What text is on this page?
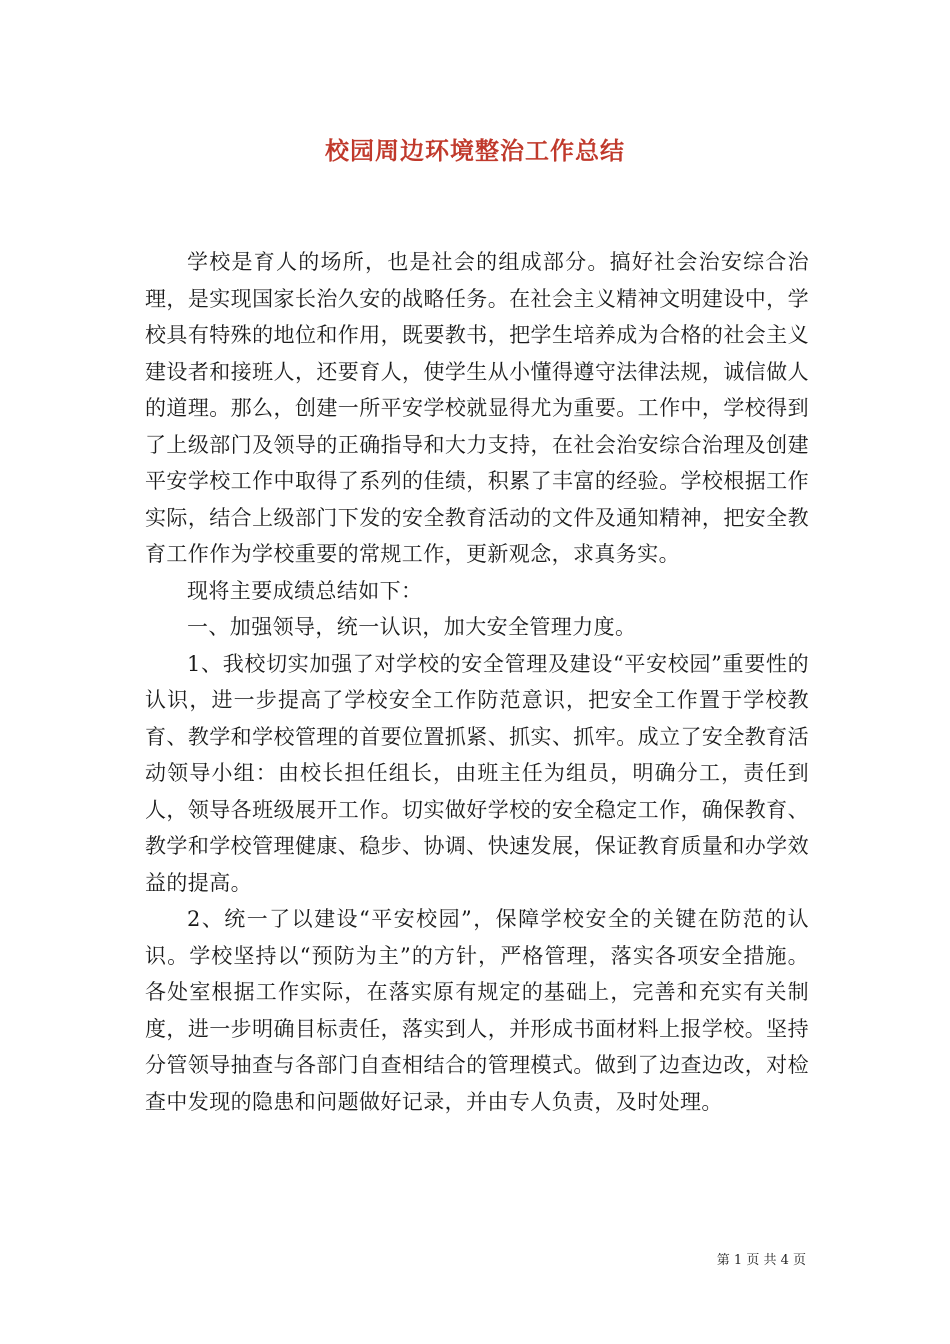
校园周边环境整治工作总结

学校是育人的场所，也是社会的组成部分。搞好社会治安综合治理，是实现国家长治久安的战略任务。在社会主义精神文明建设中，学校具有特殊的地位和作用，既要教书，把学生培养成为合格的社会主义建设者和接班人，还要育人，使学生从小懂得遵守法律法规，诚信做人的道理。那么，创建一所平安学校就显得尤为重要。工作中，学校得到了上级部门及领导的正确指导和大力支持，在社会治安综合治理及创建平安学校工作中取得了系列的佳绩，积累了丰富的经验。学校根据工作实际，结合上级部门下发的安全教育活动的文件及通知精神，把安全教育工作作为学校重要的常规工作，更新观念，求真务实。

现将主要成绩总结如下：

一、加强领导，统一认识，加大安全管理力度。

1、我校切实加强了对学校的安全管理及建设“平安校园”重要性的认识，进一步提高了学校安全工作防范意识，把安全工作置于学校教育、教学和学校管理的首要位置抓紧、抓实、抓牢。成立了安全教育活动领导小组：由校长担任组长，由班主任为组员，明确分工，责任到人，领导各班级展开工作。切实做好学校的安全稳定工作，确保教育、教学和学校管理健康、稳步、协调、快速发展，保证教育质量和办学效益的提高。

2、统一了以建设“平安校园”，保障学校安全的关键在防范的认识。学校坚持以“预防为主”的方针，严格管理，落实各项安全措施。各处室根据工作实际，在落实原有规定的基础上，完善和充实有关制度，进一步明确目标责任，落实到人，并形成书面材料上报学校。坚持分管领导抽查与各部门自查相结合的管理模式。做到了边查边改，对检查中发现的隐患和问题做好记录，并由专人负责，及时处理。

第 1 页 共 4 页
